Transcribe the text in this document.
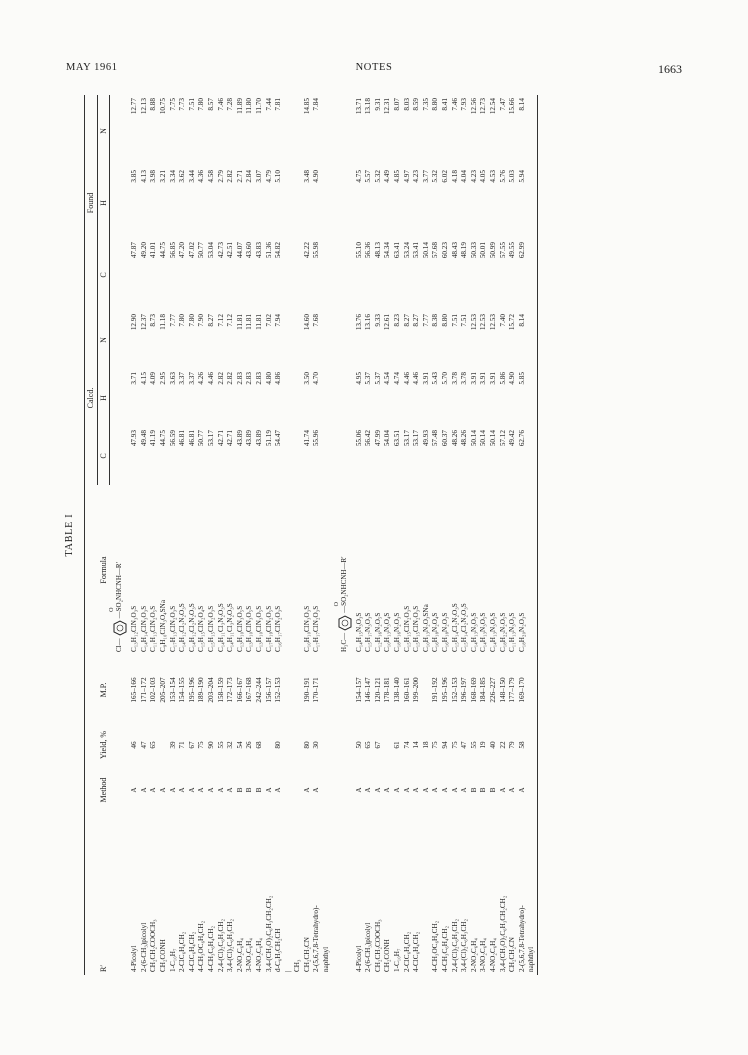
MAY 1961	NOTES	1663
TABLE I
R′	Method	Yield, %	M.P.	Formula	Calcd.			Found		
					C	H	N	C	H	N

				Cl—
—SO₂NHCNH—R′
O						

4-Picolyl	A	46	165–166	C₁₃H₁₂ClN₃O₃S	47.93	3.71	12.90	47.87	3.85	12.77
2-(6-CH₃)picolyl	A	47	171–172	C₁₄H₁₄ClN₃O₃S	49.48	4.15	12.37	49.20	4.13	12.13
CH₂CH₂COOCH₃	A	65	102–103	C₁₁H₁₃ClN₂O₅S	41.19	4.09	8.73	41.01	3.98	8.88
CH₂CONH	A		205–207	C₉H₁₀ClN₃O₄SNa	44.75	2.95	11.18	44.75	3.21	10.75
1-C₁₀H₇	A	39	153–154	C₁₇H₁₃ClN₂O₃S	56.59	3.63	7.77	56.85	3.34	7.75
2-ClC₆H₄CH₂	A	71	154–155	C₁₄H₁₂Cl₂N₂O₃S	46.81	3.37	7.80	47.20	3.62	7.73
4-ClC₆H₄CH₂	A	67	195–196	C₁₄H₁₂Cl₂N₂O₃S	46.81	3.37	7.80	47.02	3.44	7.51
4-CH₃OC₆H₄CH₂	A	75	189–190	C₁₅H₁₅ClN₂O₄S	50.77	4.26	7.90	50.77	4.36	7.80
4-CH₃C₆H₄CH₂	A	90	203–204	C₁₅H₁₅ClN₂O₃S	53.17	4.46	8.27	53.04	4.58	8.57
2,4-(Cl)₂C₆H₃CH₂	A	55	158–159	C₁₄H₁₁Cl₃N₂O₃S	42.71	2.82	7.12	42.73	2.79	7.46
3,4-(Cl)₂C₆H₃CH₂	A	32	172–173	C₁₄H₁₁Cl₃N₂O₃S	42.71	2.82	7.12	42.51	2.82	7.28
2-NO₂C₆H₄	B	54	166–167	C₁₃H₁₀ClN₃O₅S	43.89	2.83	11.81	44.07	2.71	11.89
3-NO₂C₆H₄	B	26	167–168	C₁₃H₁₀ClN₃O₅S	43.89	2.83	11.81	43.60	2.84	11.80
4-NO₂C₆H₄	B	68	242–244	C₁₃H₁₀ClN₃O₅S	43.89	2.83	11.81	43.83	3.07	11.70
3,4-(CH₃O)₂C₆H₃CH₂CH₂	A		156–157	C₁₇H₁₉ClN₂O₅S	51.19	4.80	7.02	51.36	4.79	7.44
d-C₆H₅CH₂CH	A	80	152–153	C₁₆H₁₇ClN₂O₃S	54.47	4.86	7.94	54.82	5.10	7.81
|										
CH₃										
CH₂CH₂CN	A	80	190–191	C₁₀H₁₀ClN₃O₃S	41.74	3.50	14.60	42.22	3.48	14.85
2-(5,6,7,8-Tetrahydro)-	A	30	170–171	C₁₇H₁₇ClN₂O₃S	55.96	4.70	7.68	55.98	4.90	7.84
naphthyl										

				H₃C—
—SO₂NHCNH—R′
O						

4-Picolyl	A	50	154–157	C₁₄H₁₅N₃O₃S	55.06	4.95	13.76	55.10	4.75	13.71
2-(6-CH₃)picolyl	A	65	146–147	C₁₅H₁₇N₃O₃S	56.42	5.37	13.16	56.36	5.57	13.18
CH₂CH₂COOCH₃	A	67	120–121	C₁₂H₁₆N₂O₅S	47.99	5.37	9.33	48.13	5.32	9.31
CH₂CONH	A		178–181	C₁₀H₁₃N₃O₄S	54.04	4.54	12.61	54.34	4.49	12.31
1-C₁₀H₇	A	61	138–140	C₁₈H₁₆N₂O₃S	63.51	4.74	8.23	63.41	4.85	8.07
2-ClC₆H₄CH₂	A	74	160–161	C₁₅H₁₅ClN₂O₃S	53.17	4.46	8.27	53.24	4.97	8.03
4-ClC₆H₄CH₂	A	14	199–200	C₁₅H₁₅ClN₂O₃S	53.17	4.46	8.27	53.41	4.23	8.59
	A	18		C₁₀H₁₃N₂O₃SNa	49.93	3.91	7.77	50.14	3.77	7.35
4-CH₃OC₆H₄CH₂	A	75	191–192	C₁₆H₁₈N₂O₄S	57.48	5.43	8.38	57.68	5.32	8.80
4-CH₃C₆H₄CH₂	A	94	195–196	C₁₆H₁₈N₂O₃S	60.37	5.70	8.80	60.23	6.02	8.41
2,4-(Cl)₂C₆H₃CH₂	A	75	152–153	C₁₅H₁₄Cl₂N₂O₃S	48.26	3.78	7.51	48.43	4.18	7.46
3,4-(Cl)₂C₆H₃CH₂	A	47	196–197	C₁₅H₁₄Cl₂N₂O₃S	48.26	3.78	7.51	48.19	4.04	7.93
2-NO₂C₆H₄	B	55	168–169	C₁₄H₁₃N₃O₅S	50.14	3.91	12.53	50.33	4.23	12.56
3-NO₂C₆H₄	B	19	184–185	C₁₄H₁₃N₃O₅S	50.14	3.91	12.53	50.01	4.05	12.73
4-NO₂C₆H₄	B	40	226–227	C₁₄H₁₃N₃O₅S	50.14	3.91	12.53	50.99	4.53	12.54
3,4-(CH₃O)₂C₆H₃CH₂CH₂	A	22	148–150	C₁₈H₂₂N₂O₅S	57.12	5.86	7.40	57.55	5.76	7.47
CH₂CH₂CN	A	79	177–179	C₁₁H₁₃N₃O₃S	49.42	4.90	15.72	49.55	5.03	15.66
2-(5,6,7,8-Tetrahydro)-	A	58	169–170	C₁₈H₂₀N₂O₃S	62.76	5.85	8.14	62.99	5.94	8.14
naphthyl										
